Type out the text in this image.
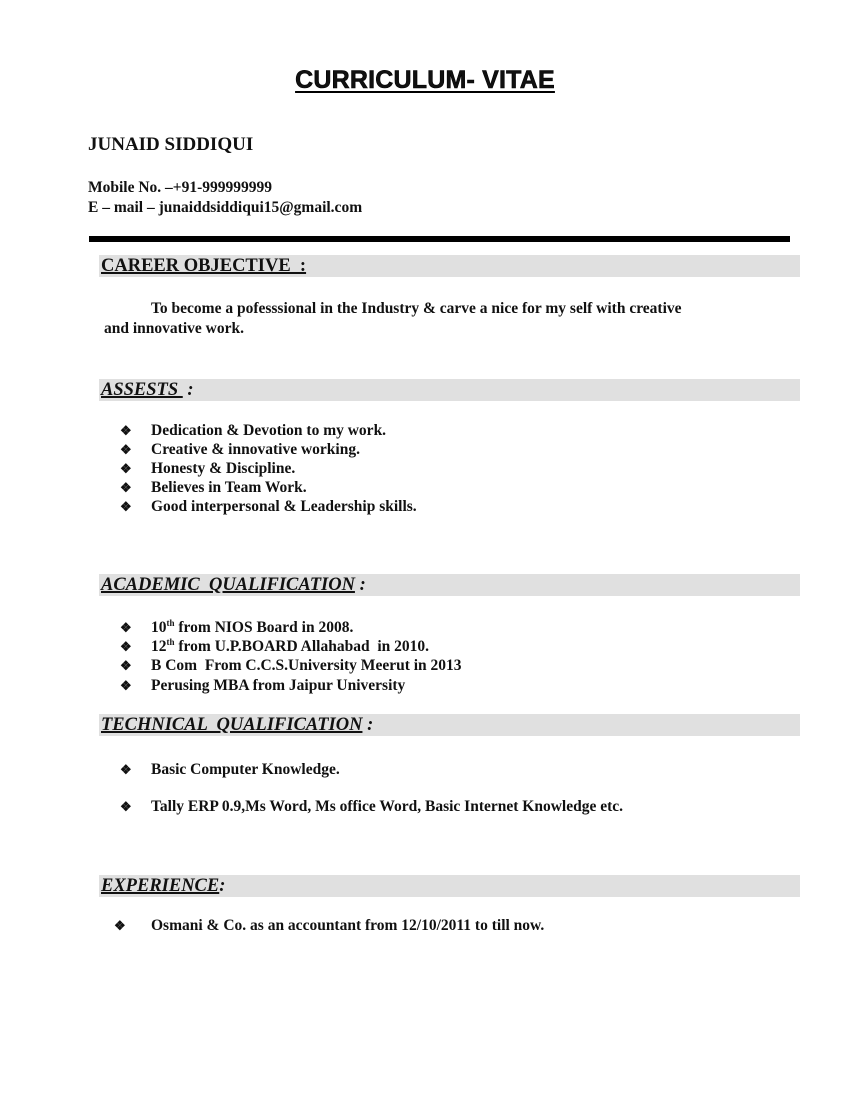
CURRICULUM- VITAE
JUNAID SIDDIQUI
Mobile No. –+91-999999999
E – mail – junaiddsiddiqui15@gmail.com
CAREER OBJECTIVE  :
To become a pofesssional in the Industry & carve a nice for my self with creative
and innovative work.
ASSESTS  :
❖ Dedication & Devotion to my work.
❖ Creative & innovative working.
❖ Honesty & Discipline.
❖ Believes in Team Work.
❖ Good interpersonal & Leadership skills.
ACADEMIC  QUALIFICATION :
❖ 10th from NIOS Board in 2008.
❖ 12th from U.P.BOARD Allahabad  in 2010.
❖ B Com  From C.C.S.University Meerut in 2013
❖ Perusing MBA from Jaipur University
TECHNICAL  QUALIFICATION :
❖ Basic Computer Knowledge.
❖ Tally ERP 0.9,Ms Word, Ms office Word, Basic Internet Knowledge etc.
EXPERIENCE:
❖ Osmani & Co. as an accountant from 12/10/2011 to till now.
